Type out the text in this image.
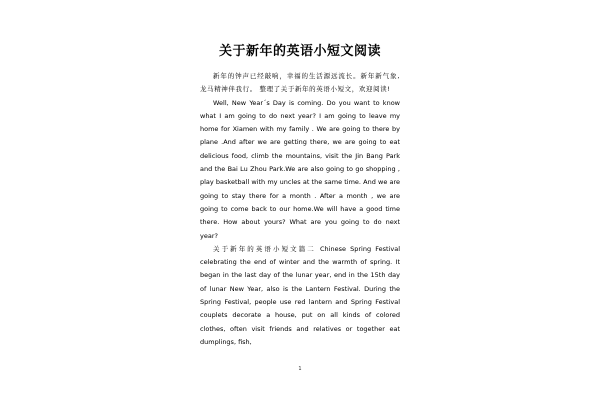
关于新年的英语小短文阅读

新年的钟声已经敲响，幸福的生活源远流长。新年新气象,龙马精神伴我行。 整理了关于新年的英语小短文，欢迎阅读!

Well, New Year´s Day is coming. Do you want to know what I am going to do next year? I am going to leave my home for Xiamen with my family . We are going to there by plane .And after we are getting there, we are going to eat delicious food, climb the mountains, visit the Jin Bang Park and the Bai Lu Zhou Park.We are also going to go shopping , play basketball with my uncles at the same time. And we are going to stay there for a month . After a month , we are going to come back to our home.We will have a good time there. How about yours? What are you going to do next year?

关于新年的英语小短文篇二 Chinese Spring Festival celebrating the end of winter and the warmth of spring. It began in the last day of the lunar year, end in the 15th day of lunar New Year, also is the Lantern Festival. During the Spring Festival, people use red lantern and Spring Festival couplets decorate a house, put on all kinds of colored clothes, often visit friends and relatives or together eat dumplings, fish,

1
